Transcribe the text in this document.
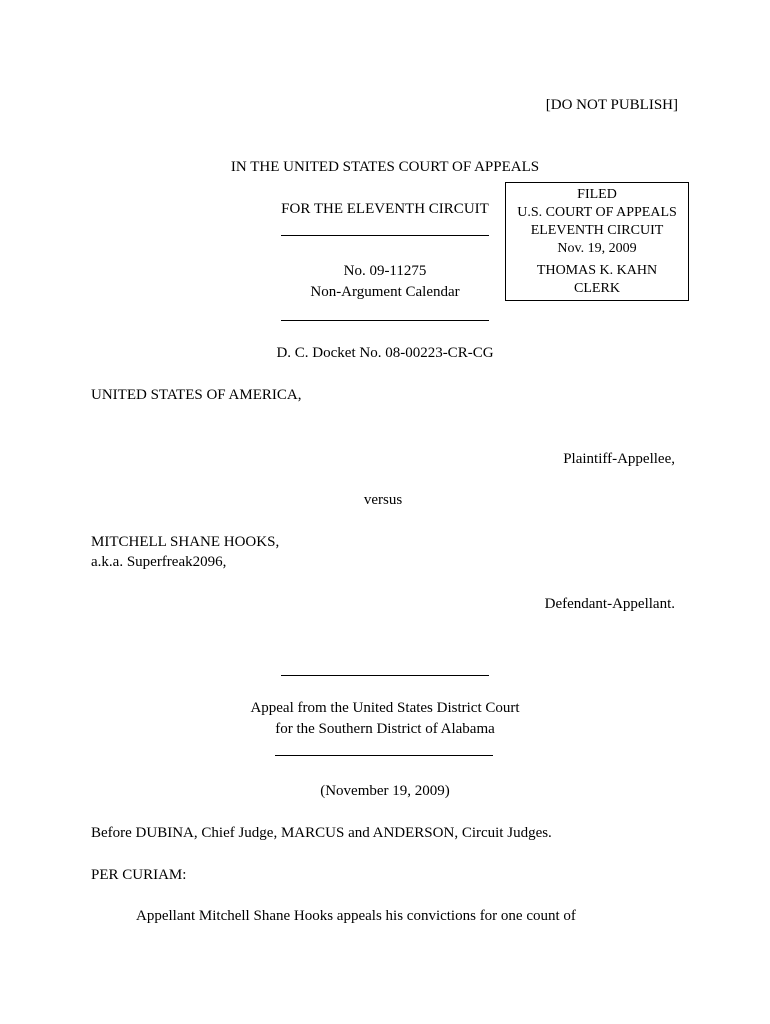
[DO NOT PUBLISH]
IN THE UNITED STATES COURT OF APPEALS
FOR THE ELEVENTH CIRCUIT
No. 09-11275
Non-Argument Calendar
D. C. Docket No. 08-00223-CR-CG
UNITED STATES OF AMERICA,
Plaintiff-Appellee,
versus
MITCHELL SHANE HOOKS,
a.k.a. Superfreak2096,
Defendant-Appellant.
Appeal from the United States District Court
for the Southern District of Alabama
(November 19, 2009)
Before DUBINA, Chief Judge, MARCUS and ANDERSON, Circuit Judges.
PER CURIAM:
Appellant Mitchell Shane Hooks appeals his convictions for one count of
FILED
U.S. COURT OF APPEALS
ELEVENTH CIRCUIT
Nov. 19, 2009
THOMAS K. KAHN
CLERK
